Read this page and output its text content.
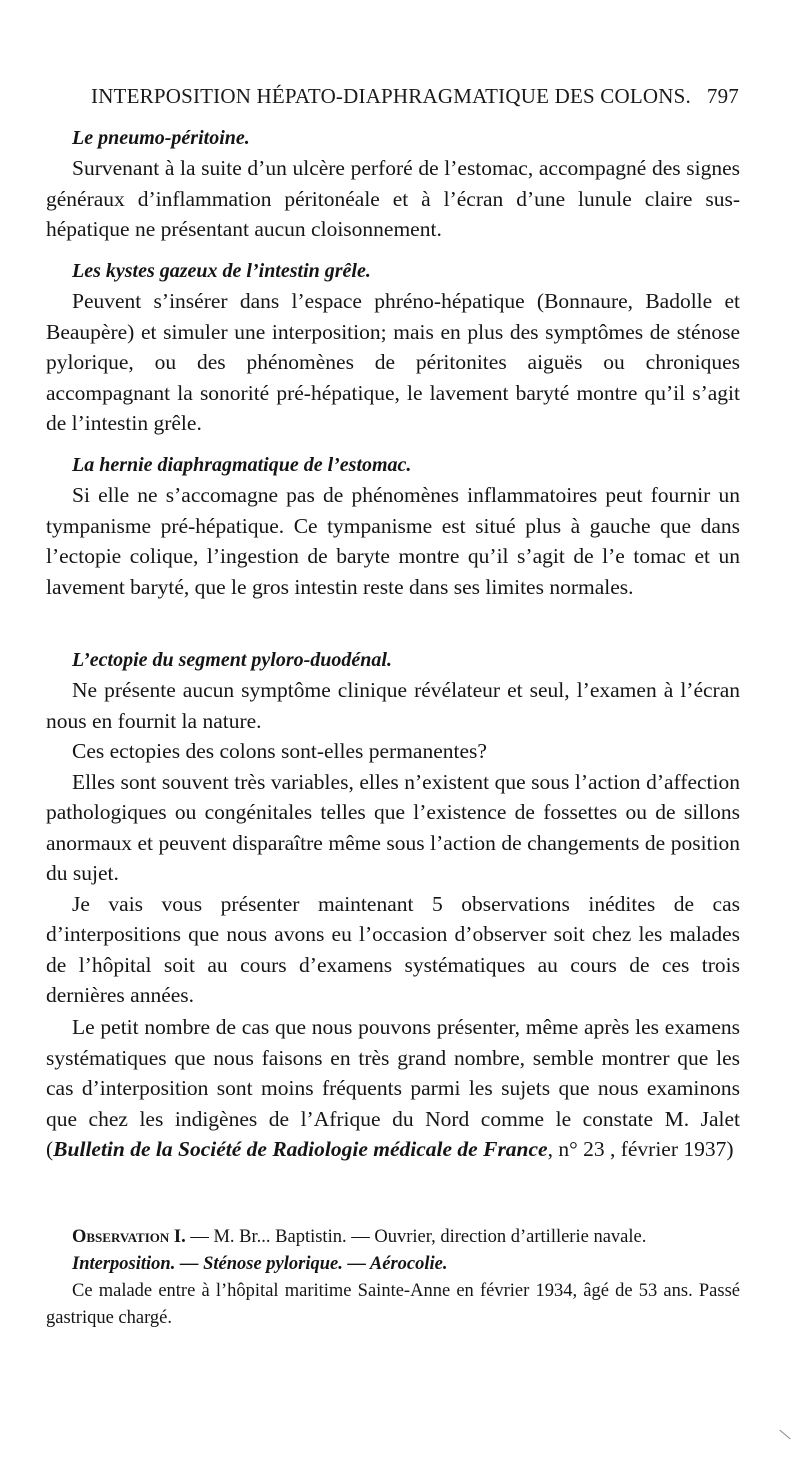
INTERPOSITION HÉPATO-DIAPHRAGMATIQUE DES COLONS. 797

Le pneumo-péritoine.

Survenant à la suite d’un ulcère perforé de l’estomac, accompagné des signes généraux d’inflammation péritonéale et à l’écran d’une lunule claire sus-hépatique ne présentant aucun cloisonnement.

Les kystes gazeux de l’intestin grêle.

Peuvent s’insérer dans l’espace phréno-hépatique (Bonnaure, Badolle et Beaupère) et simuler une interposition; mais en plus des symptômes de sténose pylorique, ou des phénomènes de péritonites aiguës ou chroniques accompagnant la sonorité pré-hépatique, le lavement baryté montre qu’il s’agit de l’intestin grêle.

La hernie diaphragmatique de l’estomac.

Si elle ne s’accomagne pas de phénomènes inflammatoires peut fournir un tympanisme pré-hépatique. Ce tympanisme est situé plus à gauche que dans l’ectopie colique, l’ingestion de baryte montre qu’il s’agit de l’e tomac et un lavement baryté, que le gros intestin reste dans ses limites normales.

L’ectopie du segment pyloro-duodénal.

Ne présente aucun symptôme clinique révélateur et seul, l’examen à l’écran nous en fournit la nature.

Ces ectopies des colons sont-elles permanentes?

Elles sont souvent très variables, elles n’existent que sous l’action d’affection pathologiques ou congénitales telles que l’existence de fossettes ou de sillons anormaux et peuvent disparaître même sous l’action de changements de position du sujet.

Je vais vous présenter maintenant 5 observations inédites de cas d’interpositions que nous avons eu l’occasion d’observer soit chez les malades de l’hôpital soit au cours d’examens systématiques au cours de ces trois dernières années.

Le petit nombre de cas que nous pouvons présenter, même après les examens systématiques que nous faisons en très grand nombre, semble montrer que les cas d’interposition sont moins fréquents parmi les sujets que nous examinons que chez les indigènes de l’Afrique du Nord comme le constate M. Jalet (Bulletin de la Société de Radiologie médicale de France, n° 23 , février 1937)

Observation I. — M. Br... Baptistin. — Ouvrier, direction d’artillerie navale.

Interposition. — Sténose pylorique. — Aérocolie.

Ce malade entre à l’hôpital maritime Sainte-Anne en février 1934, âgé de 53 ans. Passé gastrique chargé.
